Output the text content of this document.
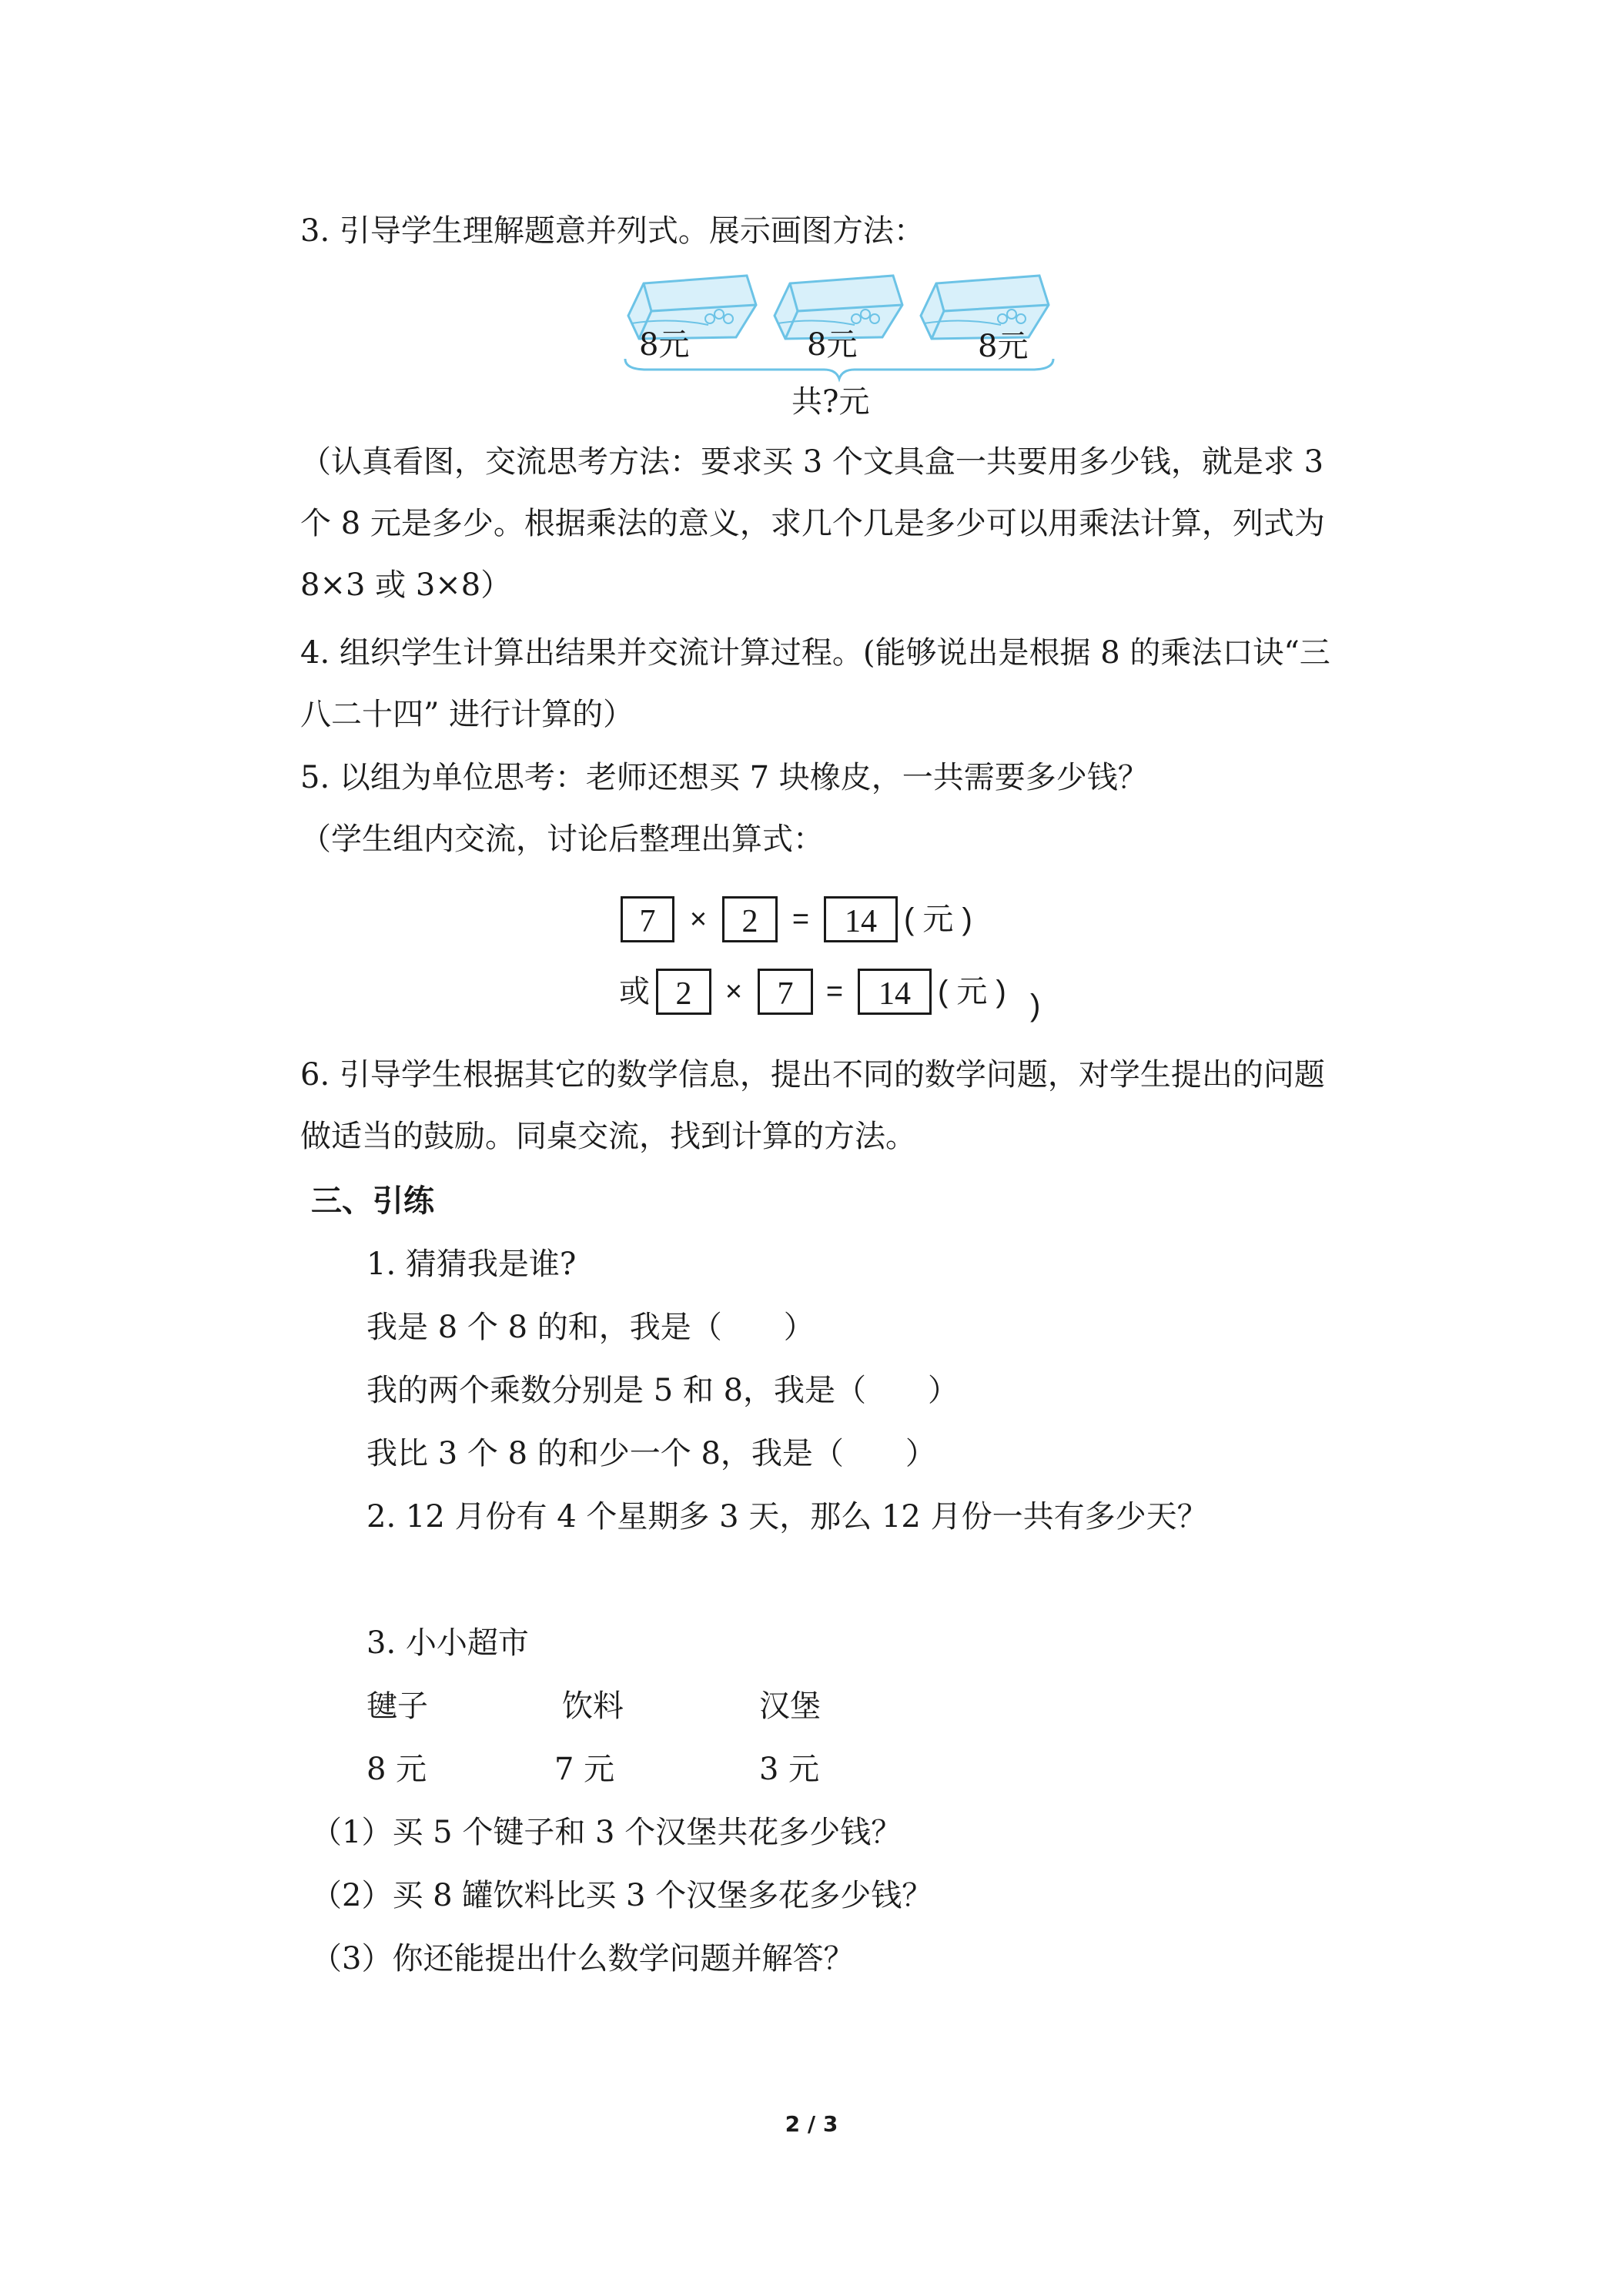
3. 引导学生理解题意并列式。展示画图方法：
8元	8元	8元
共?元
（认真看图，交流思考方法：要求买 3 个文具盒一共要用多少钱，就是求 3
个 8 元是多少。根据乘法的意义，求几个几是多少可以用乘法计算，列式为
8×3 或 3×8）
4. 组织学生计算出结果并交流计算过程。(能够说出是根据 8 的乘法口诀“三
八二十四” 进行计算的）
5. 以组为单位思考：老师还想买 7 块橡皮，一共需要多少钱？
（学生组内交流，讨论后整理出算式：
7	×	2	=	14 ( 元 )
或 2	×	7	=	14 ( 元 ) )
6. 引导学生根据其它的数学信息，提出不同的数学问题，对学生提出的问题
做适当的鼓励。同桌交流，找到计算的方法。
三、引练
1. 猜猜我是谁?
我是 8 个 8 的和，我是（　　）
我的两个乘数分别是 5 和 8，我是（　　）
我比 3 个 8 的和少一个 8，我是（　　）
2. 12 月份有 4 个星期多 3 天，那么 12 月份一共有多少天？
3. 小小超市
毽子	饮料	汉堡
8 元	7 元	3 元
（1）买 5 个键子和 3 个汉堡共花多少钱？
（2）买 8 罐饮料比买 3 个汉堡多花多少钱？
（3）你还能提出什么数学问题并解答？
2 / 3
